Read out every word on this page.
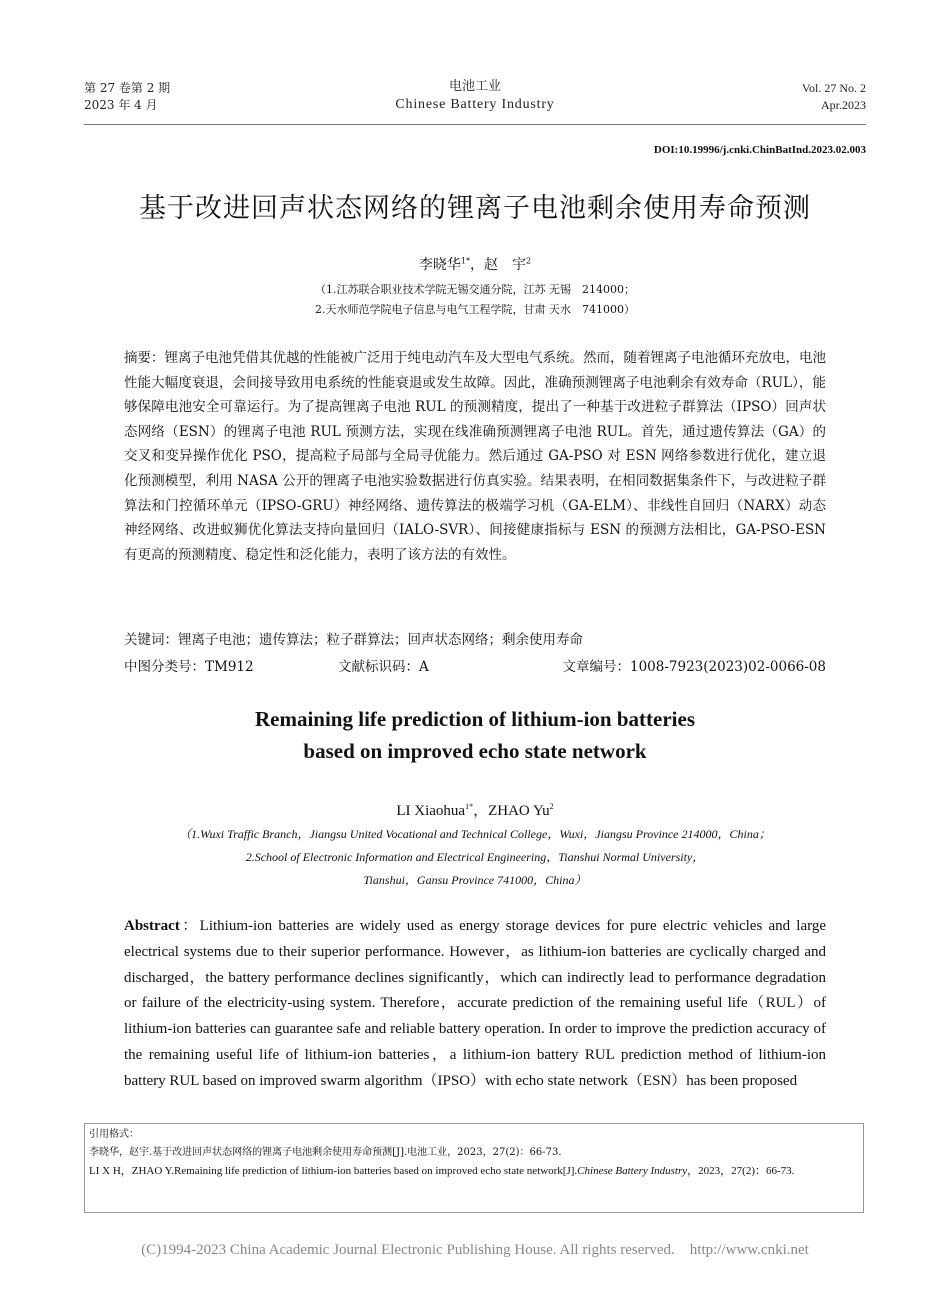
第 27 卷第 2 期
2023 年 4 月
电池工业
Chinese Battery Industry
Vol. 27 No. 2
Apr.2023
DOI:10.19996/j.cnki.ChinBatInd.2023.02.003
基于改进回声状态网络的锂离子电池剩余使用寿命预测
李晓华$^{1*}$，赵　宇$^2$
（1.江苏联合职业技术学院无锡交通分院，江苏 无锡　214000；
2.天水师范学院电子信息与电气工程学院，甘肃 天水　741000）
摘要：锂离子电池凭借其优越的性能被广泛用于纯电动汽车及大型电气系统。然而，随着锂离子电池循环充放电，电池性能大幅度衰退，会间接导致用电系统的性能衰退或发生故障。因此，准确预测锂离子电池剩余有效寿命（RUL），能够保障电池安全可靠运行。为了提高锂离子电池 RUL 的预测精度，提出了一种基于改进粒子群算法（IPSO）回声状态网络（ESN）的锂离子电池 RUL 预测方法，实现在线准确预测锂离子电池 RUL。首先，通过遗传算法（GA）的交叉和变异操作优化 PSO，提高粒子局部与全局寻优能力。然后通过 GA-PSO 对 ESN 网络参数进行优化，建立退化预测模型，利用 NASA 公开的锂离子电池实验数据进行仿真实验。结果表明，在相同数据集条件下，与改进粒子群算法和门控循环单元（IPSO-GRU）神经网络、遗传算法的极端学习机（GA-ELM）、非线性自回归（NARX）动态神经网络、改进蚁狮优化算法支持向量回归（IALO-SVR）、间接健康指标与 ESN 的预测方法相比，GA-PSO-ESN 有更高的预测精度、稳定性和泛化能力，表明了该方法的有效性。
关键词：锂离子电池；遗传算法；粒子群算法；回声状态网络；剩余使用寿命
中图分类号：TM912	文献标识码：A	文章编号：1008-7923(2023)02-0066-08
Remaining life prediction of lithium-ion batteries
based on improved echo state network
LI Xiaohua$^{1*}$，ZHAO Yu$^2$
（1.Wuxi Traffic Branch，Jiangsu United Vocational and Technical College，Wuxi，Jiangsu Province 214000，China；
2.School of Electronic Information and Electrical Engineering，Tianshui Normal University，
Tianshui，Gansu Province 741000，China）
Abstract：Lithium-ion batteries are widely used as energy storage devices for pure electric vehicles and large electrical systems due to their superior performance. However，as lithium-ion batteries are cyclically charged and discharged，the battery performance declines significantly，which can indirectly lead to performance degradation or failure of the electricity-using system. Therefore，accurate prediction of the remaining useful life（RUL）of lithium-ion batteries can guarantee safe and reliable battery operation. In order to improve the prediction accuracy of the remaining useful life of lithium-ion batteries，a lithium-ion battery RUL prediction method of lithium-ion battery RUL based on improved swarm algorithm（IPSO）with echo state network（ESN）has been proposed
引用格式：
李晓华，赵宇.基于改进回声状态网络的锂离子电池剩余使用寿命预测[J].电池工业，2023，27(2)：66-73.
LI X H，ZHAO Y.Remaining life prediction of lithium-ion batteries based on improved echo state network[J].Chinese Battery Industry，2023，27(2)：66-73.
(C)1994-2023 China Academic Journal Electronic Publishing House. All rights reserved.    http://www.cnki.net
